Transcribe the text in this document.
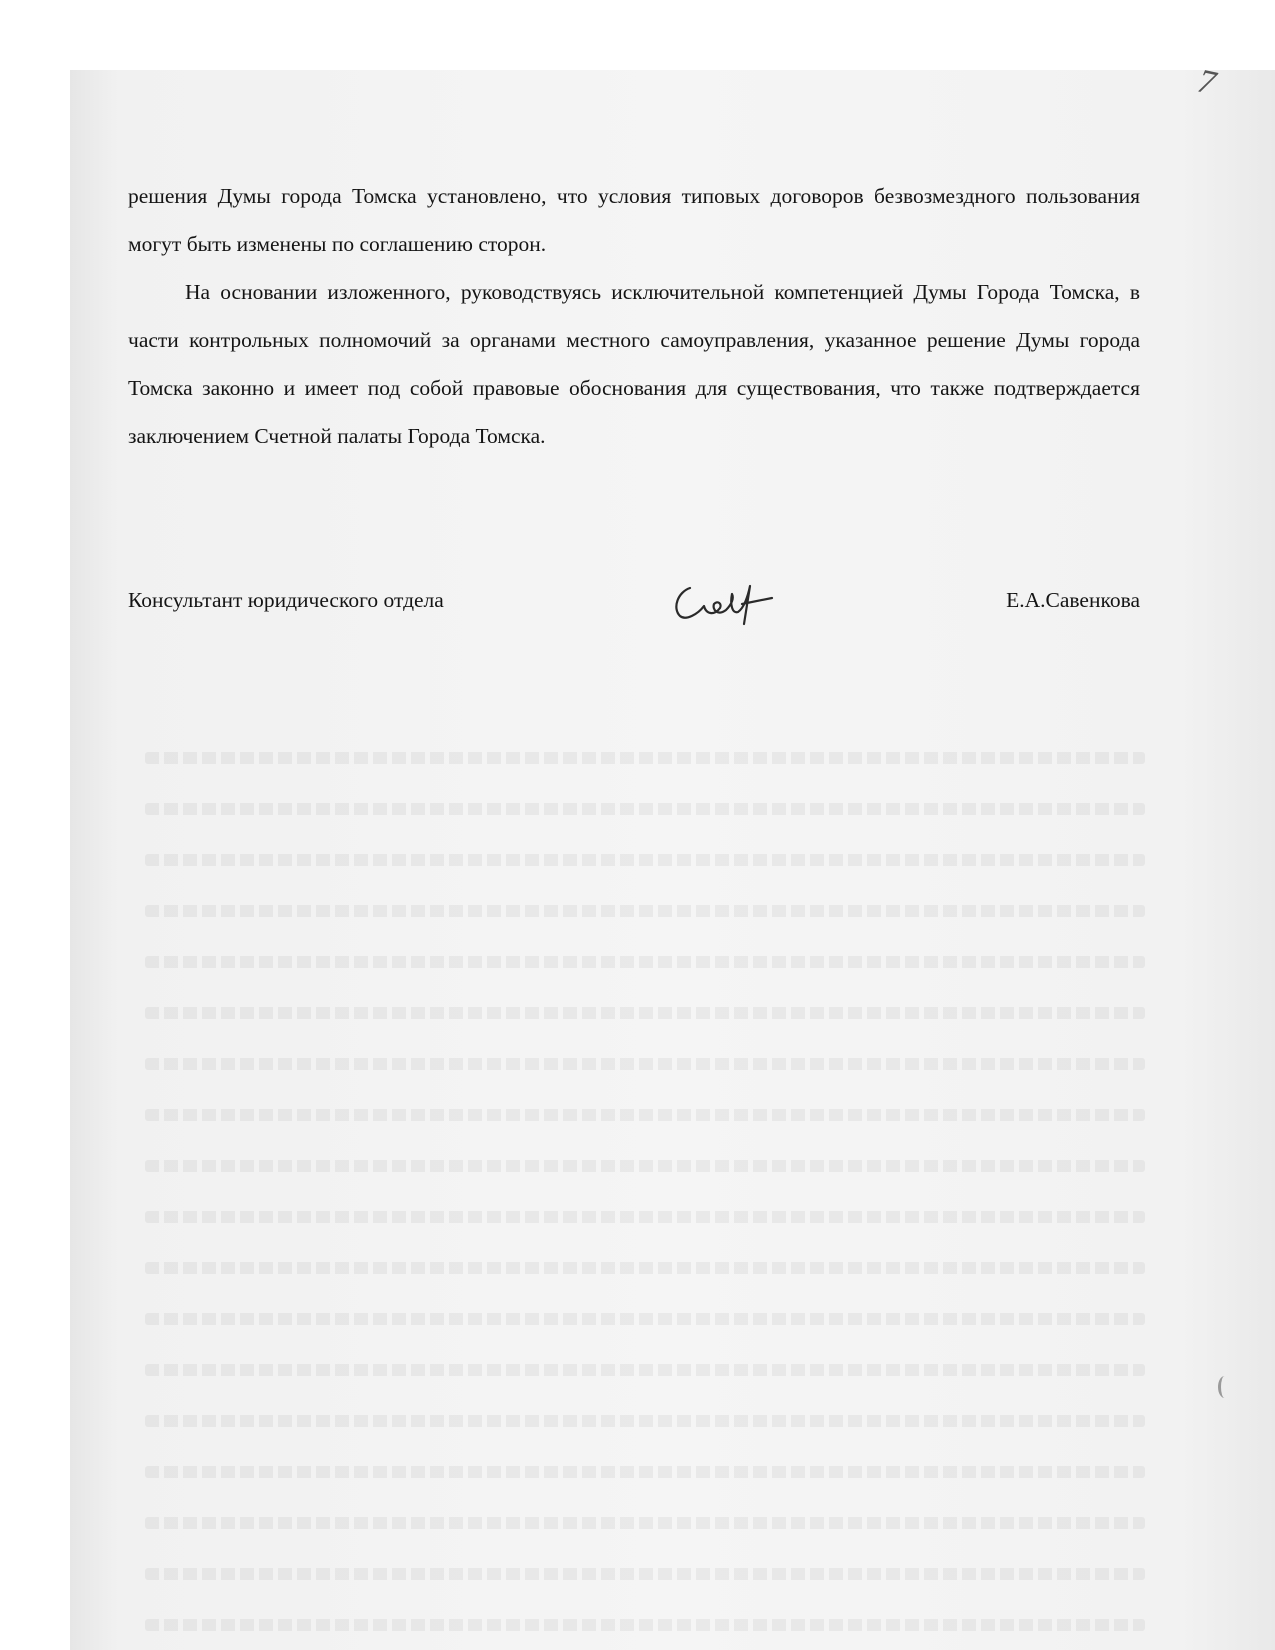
7

решения Думы города Томска установлено, что условия типовых договоров безвозмездного пользования могут быть изменены по соглашению сторон.

На основании изложенного, руководствуясь исключительной компетенцией Думы Города Томска, в части контрольных полномочий за органами местного самоуправления, указанное решение Думы города Томска законно и имеет под собой правовые обоснования для существования, что также подтверждается заключением Счетной палаты Города Томска.

Консультант юридического отдела	Е.А.Савенкова
